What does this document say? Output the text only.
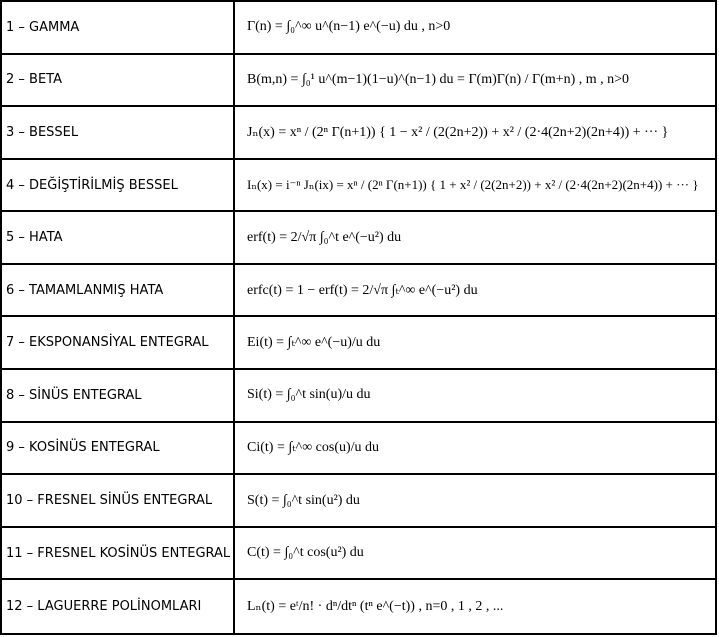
1 – GAMMA	Γ(n) = ∫₀^∞ u^(n−1) e^(−u) du , n>0
2 – BETA	B(m,n) = ∫₀¹ u^(m−1)(1−u)^(n−1) du = Γ(m)Γ(n) / Γ(m+n) , m , n>0
3 – BESSEL	Jₙ(x) = xⁿ / (2ⁿ Γ(n+1)) { 1 − x² / (2(2n+2)) + x² / (2·4(2n+2)(2n+4)) + ··· }
4 – DEĞİŞTİRİLMİŞ BESSEL	Iₙ(x) = i⁻ⁿ Jₙ(ix) = xⁿ / (2ⁿ Γ(n+1)) { 1 + x² / (2(2n+2)) + x² / (2·4(2n+2)(2n+4)) + ··· }
5 – HATA	erf(t) = 2/√π ∫₀^t e^(−u²) du
6 – TAMAMLANMIŞ HATA	erfc(t) = 1 − erf(t) = 2/√π ∫ₜ^∞ e^(−u²) du
7 – EKSPONANSİYAL ENTEGRAL	Ei(t) = ∫ₜ^∞ e^(−u)/u du
8 – SİNÜS ENTEGRAL	Si(t) = ∫₀^t sin(u)/u du
9 – KOSİNÜS ENTEGRAL	Ci(t) = ∫ₜ^∞ cos(u)/u du
10 – FRESNEL SİNÜS ENTEGRAL	S(t) = ∫₀^t sin(u²) du
11 – FRESNEL KOSİNÜS ENTEGRAL	C(t) = ∫₀^t cos(u²) du
12 – LAGUERRE POLİNOMLARI	Lₙ(t) = eᵗ/n! · dⁿ/dtⁿ (tⁿ e^(−t)) , n=0 , 1 , 2 , ...
